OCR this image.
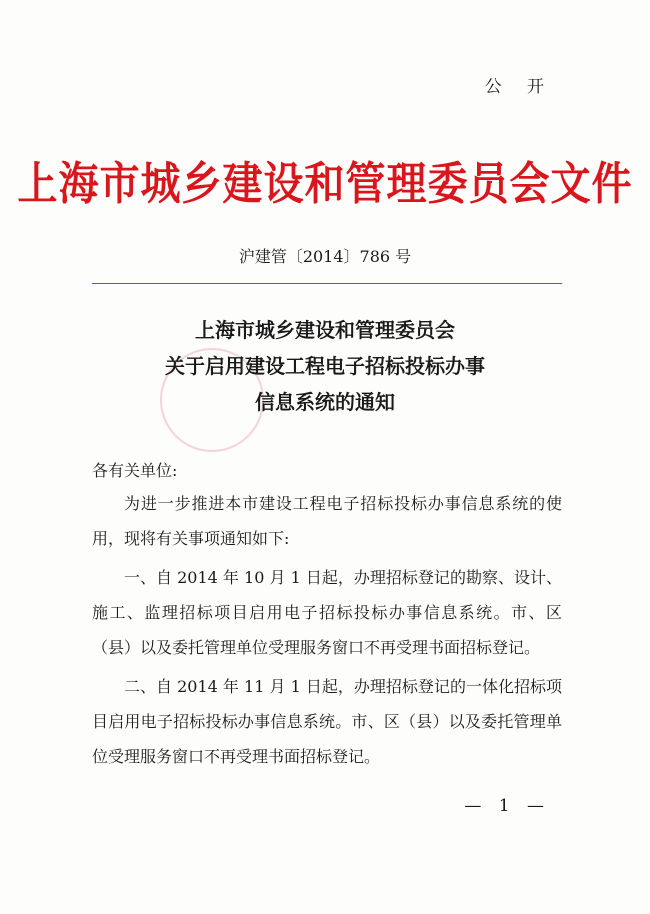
公 开
上海市城乡建设和管理委员会文件
沪建管〔2014〕786 号
上海市城乡建设和管理委员会
关于启用建设工程电子招标投标办事
信息系统的通知
各有关单位:

为进一步推进本市建设工程电子招标投标办事信息系统的使用，现将有关事项通知如下:

一、自 2014 年 10 月 1 日起，办理招标登记的勘察、设计、施工、监理招标项目启用电子招标投标办事信息系统。市、区（县）以及委托管理单位受理服务窗口不再受理书面招标登记。

二、自 2014 年 11 月 1 日起，办理招标登记的一体化招标项目启用电子招标投标办事信息系统。市、区（县）以及委托管理单位受理服务窗口不再受理书面招标登记。

— 1 —
